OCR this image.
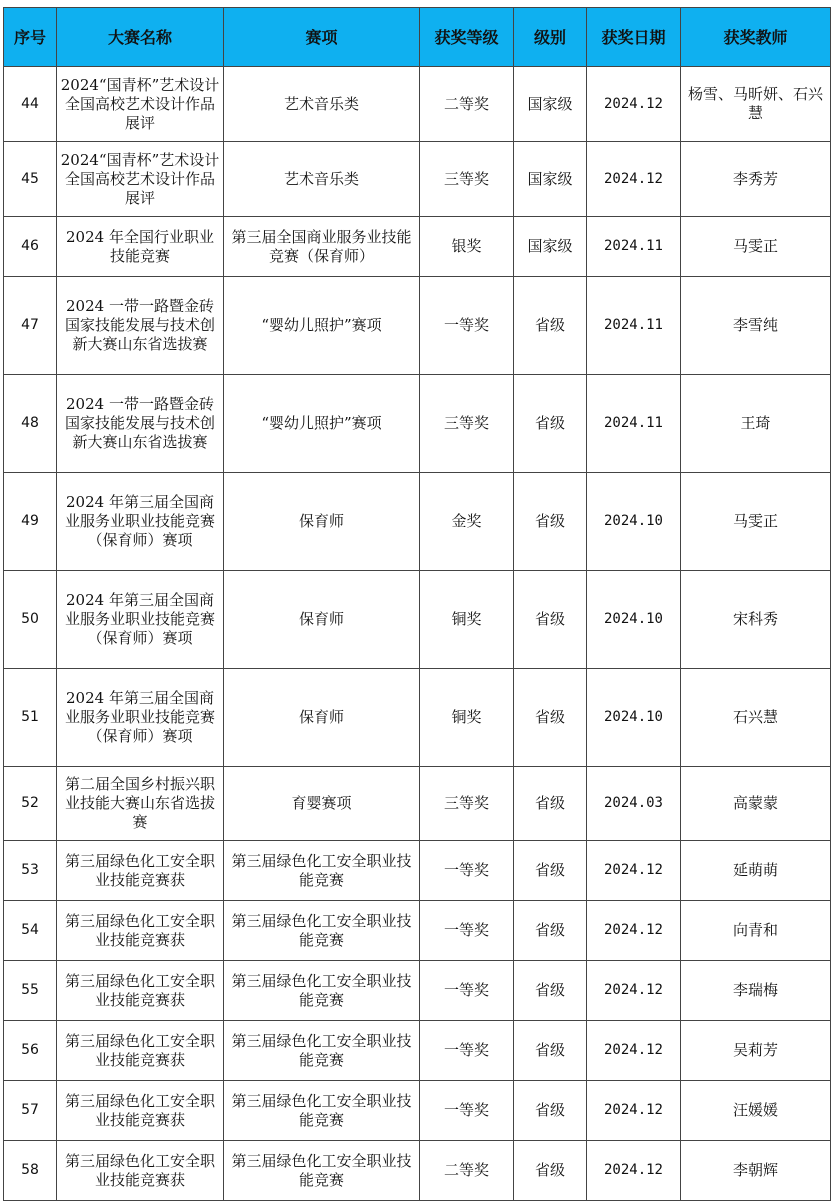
序号	大赛名称	赛项	获奖等级	级别	获奖日期	获奖教师
44	2024“国青杯”艺术设计全国高校艺术设计作品展评	艺术音乐类	二等奖	国家级	2024.12	杨雪、马昕妍、石兴慧
45	2024“国青杯”艺术设计全国高校艺术设计作品展评	艺术音乐类	三等奖	国家级	2024.12	李秀芳
46	2024 年全国行业职业技能竞赛	第三届全国商业服务业技能竞赛（保育师）	银奖	国家级	2024.11	马雯正
47	2024 一带一路暨金砖国家技能发展与技术创新大赛山东省选拔赛	“婴幼儿照护”赛项	一等奖	省级	2024.11	李雪纯
48	2024 一带一路暨金砖国家技能发展与技术创新大赛山东省选拔赛	“婴幼儿照护”赛项	三等奖	省级	2024.11	王琦
49	2024 年第三届全国商业服务业职业技能竞赛（保育师）赛项	保育师	金奖	省级	2024.10	马雯正
50	2024 年第三届全国商业服务业职业技能竞赛（保育师）赛项	保育师	铜奖	省级	2024.10	宋科秀
51	2024 年第三届全国商业服务业职业技能竞赛（保育师）赛项	保育师	铜奖	省级	2024.10	石兴慧
52	第二届全国乡村振兴职业技能大赛山东省选拔赛	育婴赛项	三等奖	省级	2024.03	高蒙蒙
53	第三届绿色化工安全职业技能竞赛获	第三届绿色化工安全职业技能竞赛	一等奖	省级	2024.12	延萌萌
54	第三届绿色化工安全职业技能竞赛获	第三届绿色化工安全职业技能竞赛	一等奖	省级	2024.12	向青和
55	第三届绿色化工安全职业技能竞赛获	第三届绿色化工安全职业技能竞赛	一等奖	省级	2024.12	李瑞梅
56	第三届绿色化工安全职业技能竞赛获	第三届绿色化工安全职业技能竞赛	一等奖	省级	2024.12	吴莉芳
57	第三届绿色化工安全职业技能竞赛获	第三届绿色化工安全职业技能竞赛	一等奖	省级	2024.12	汪媛媛
58	第三届绿色化工安全职业技能竞赛获	第三届绿色化工安全职业技能竞赛	二等奖	省级	2024.12	李朝辉
